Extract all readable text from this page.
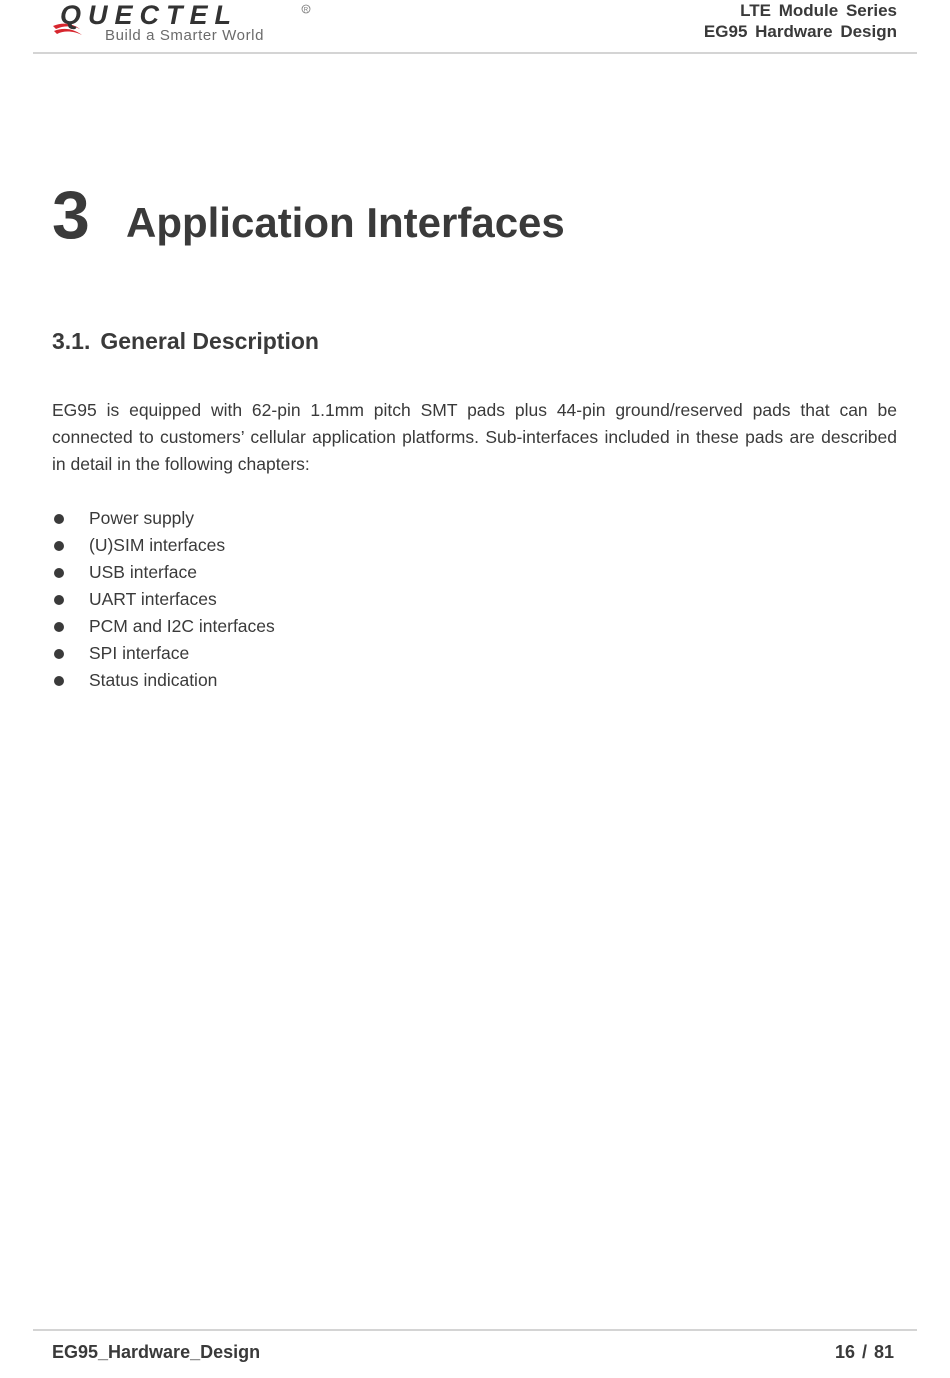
QUECTEL	R
Build a Smarter World
LTE Module Series
EG95 Hardware Design
3 Application Interfaces
3.1. General Description

EG95 is equipped with 62-pin 1.1mm pitch SMT pads plus 44-pin ground/reserved pads that can be connected to customers’ cellular application platforms. Sub-interfaces included in these pads are described in detail in the following chapters:

Power supply
(U)SIM interfaces
USB interface
UART interfaces
PCM and I2C interfaces
SPI interface
Status indication
EG95_Hardware_Design	16 / 81
